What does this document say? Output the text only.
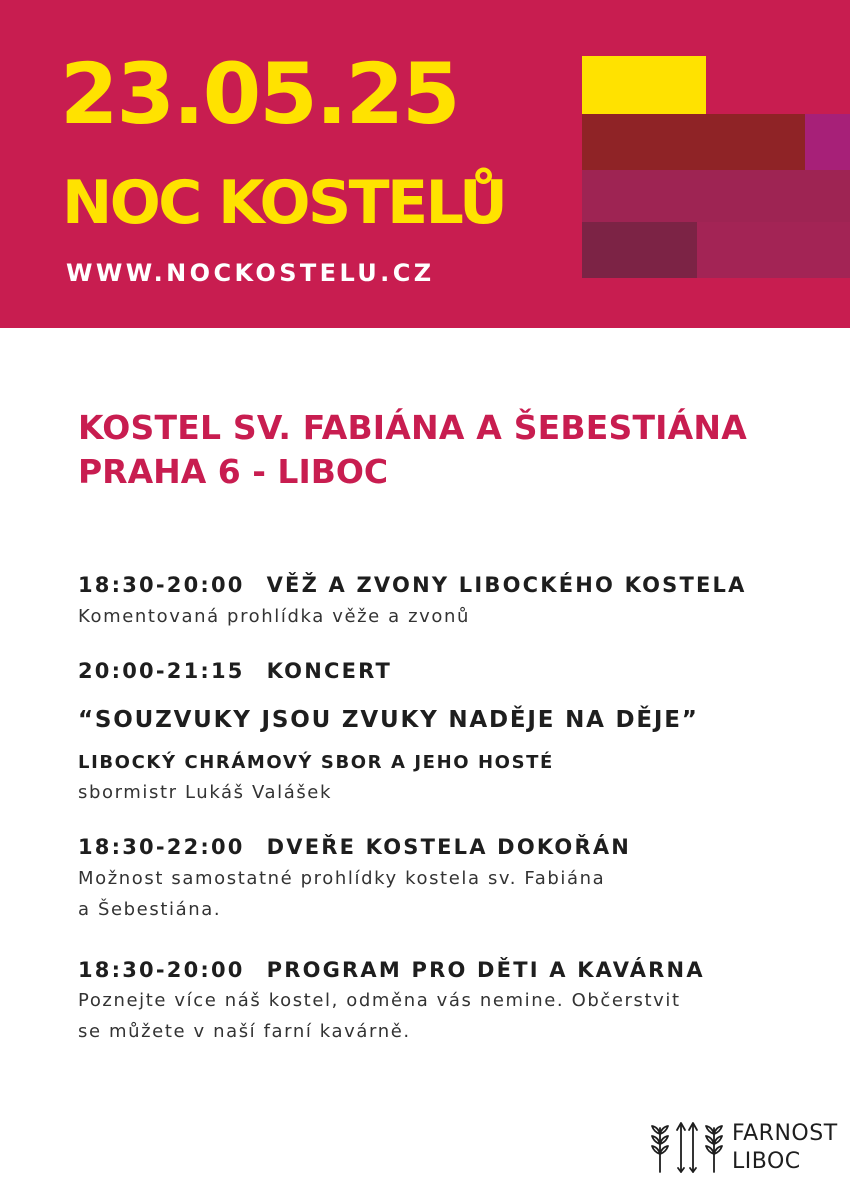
23.05.25
NOC KOSTELŮ
WWW.NOCKOSTELU.CZ
KOSTEL SV. FABIÁNA A ŠEBESTIÁNA
PRAHA 6 - LIBOC
18:30-20:00 VĚŽ A ZVONY LIBOCKÉHO KOSTELA
Komentovaná prohlídka věže a zvonů
20:00-21:15 KONCERT
“SOUZVUKY JSOU ZVUKY NADĚJE NA DĚJE”
LIBOCKÝ CHRÁMOVÝ SBOR A JEHO HOSTÉ
sbormistr Lukáš Valášek
18:30-22:00 DVEŘE KOSTELA DOKOŘÁN
Možnost samostatné prohlídky kostela sv. Fabiána
a Šebestiána.
18:30-20:00 PROGRAM PRO DĚTI A KAVÁRNA
Poznejte více náš kostel, odměna vás nemine. Občerstvit
se můžete v naší farní kavárně.
FARNOST
LIBOC
